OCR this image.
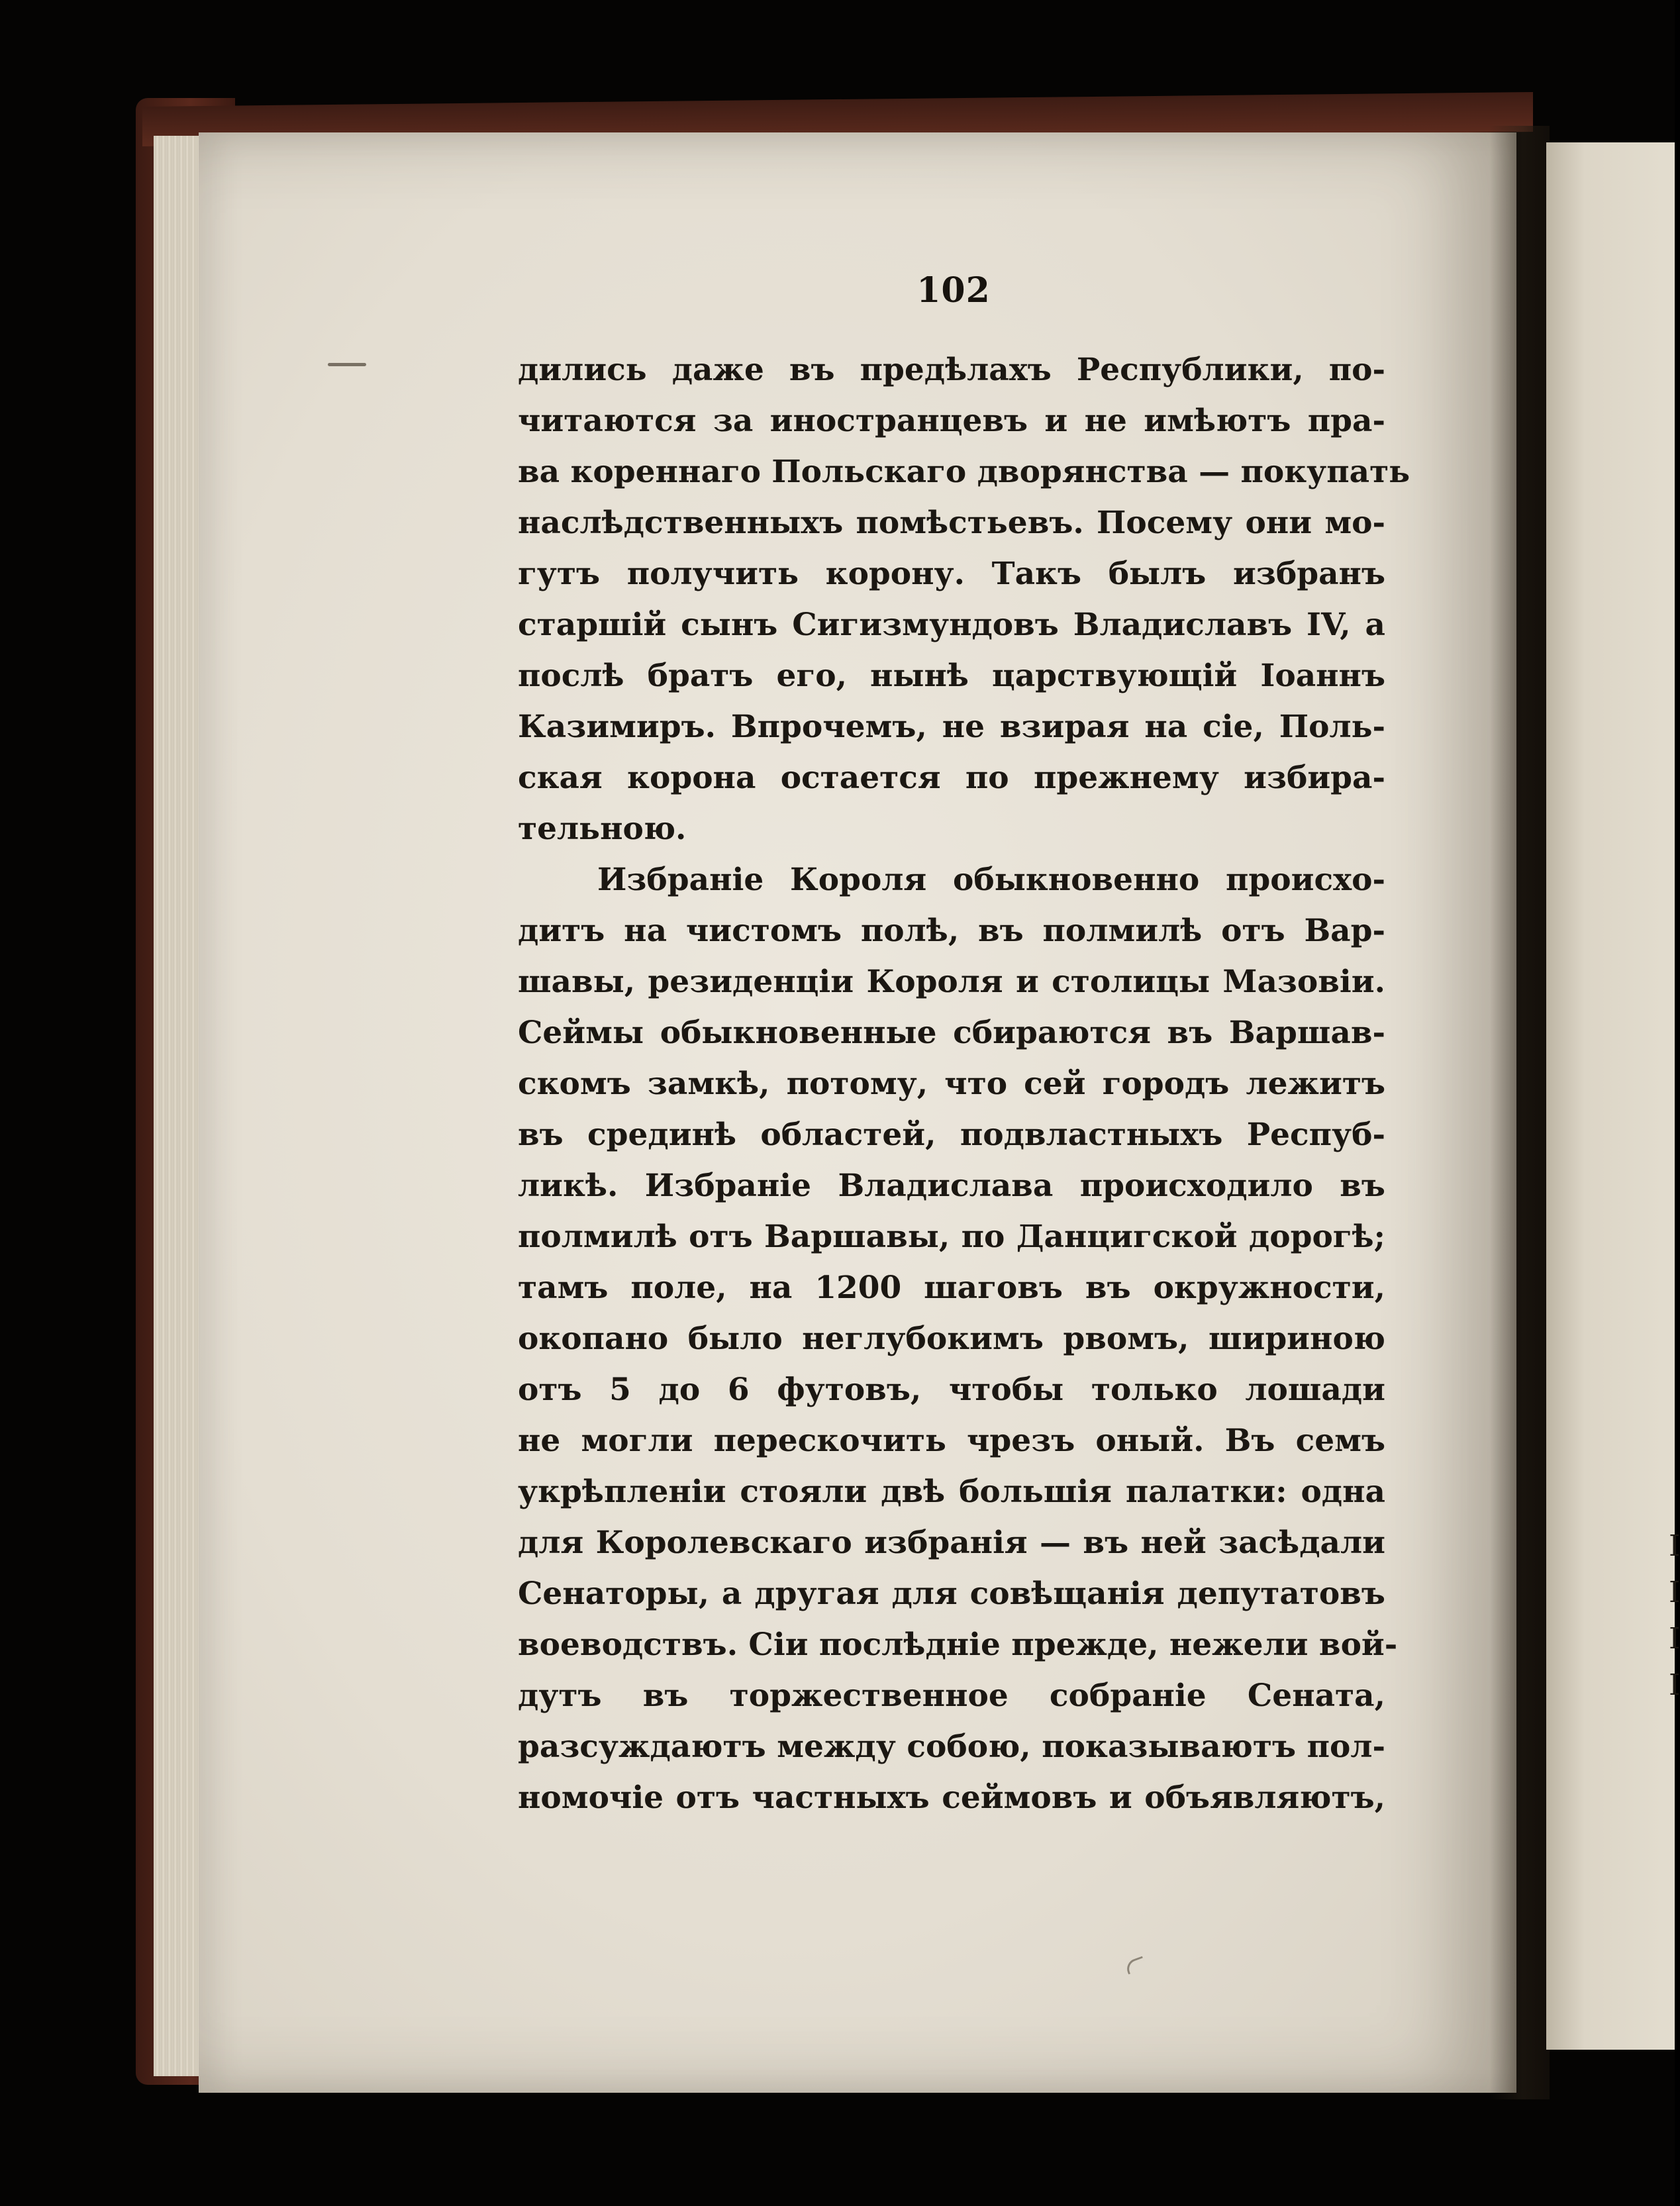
I
I
I
I
102
дились даже въ предѣлахъ Республики, по-
читаются за иностранцевъ и не имѣютъ пра-
ва кореннаго Польскаго дворянства — покупать
наслѣдственныхъ помѣстьевъ. Посему они мо-
гутъ получить корону. Такъ былъ избранъ
старшій сынъ Сигизмундовъ Владиславъ IV, а
послѣ братъ его, нынѣ царствующій Іоаннъ
Казимиръ. Впрочемъ, не взирая на сіе, Поль-
ская корона остается по прежнему избира-
тельною.
Избраніе Короля обыкновенно происхо-
дитъ на чистомъ полѣ, въ полмилѣ отъ Вар-
шавы, резиденціи Короля и столицы Мазовіи.
Сеймы обыкновенные сбираются въ Варшав-
скомъ замкѣ, потому, что сей городъ лежитъ
въ срединѣ областей, подвластныхъ Респуб-
ликѣ. Избраніе Владислава происходило въ
полмилѣ отъ Варшавы, по Данцигской дорогѣ;
тамъ поле, на 1200 шаговъ въ окружности,
окопано было неглубокимъ рвомъ, шириною
отъ 5 до 6 футовъ, чтобы только лошади
не могли перескочить чрезъ оный. Въ семъ
укрѣпленіи стояли двѣ большія палатки: одна
для Королевскаго избранія — въ ней засѣдали
Сенаторы, а другая для совѣщанія депутатовъ
воеводствъ. Сіи послѣдніе прежде, нежели вой-
дутъ въ торжественное собраніе Сената,
разсуждаютъ между собою, показываютъ пол-
номочіе отъ частныхъ сеймовъ и объявляютъ,
